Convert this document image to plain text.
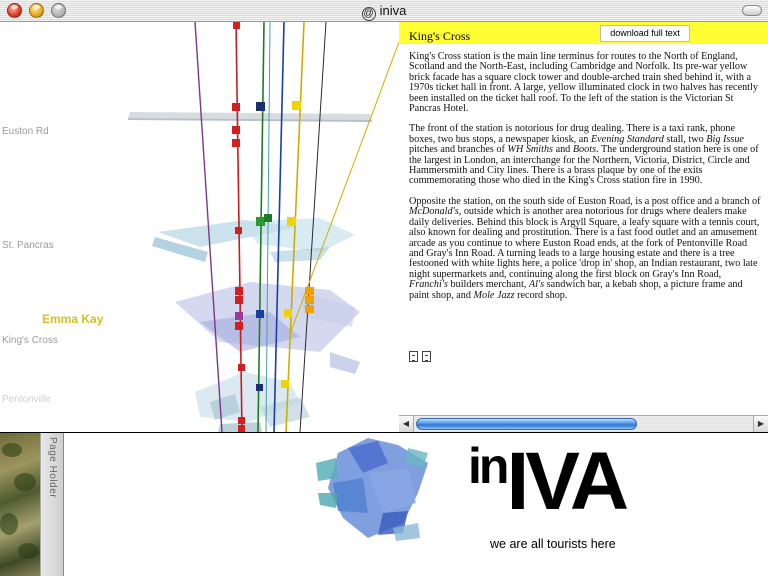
@ iniva
Euston Rd
St. Pancras
King's Cross
Pentonville
Emma Kay
King's Cross	download full text

King's Cross station is the main line terminus for routes to the North of England, Scotland and the North-East, including Cambridge and Norfolk. Its pre-war yellow brick facade has a square clock tower and double-arched train shed behind it, with a 1970s ticket hall in front. A large, yellow illuminated clock in two halves has recently been installed on the ticket hall roof. To the left of the station is the Victorian St Pancras Hotel.

The front of the station is notorious for drug dealing. There is a taxi rank, phone boxes, two bus stops, a newspaper kiosk, an Evening Standard stall, two Big Issue pitches and branches of WH Smiths and Boots. The underground station here is one of the largest in London, an interchange for the Northern, Victoria, District, Circle and Hammersmith and City lines. There is a brass plaque by one of the exits commemorating those who died in the King's Cross station fire in 1990.

Opposite the station, on the south side of Euston Road, is a post office and a branch of McDonald's, outside which is another area notorious for drugs where dealers make daily deliveries. Behind this block is Argyll Square, a leafy square with a tennis court, also known for dealing and prostitution. There is a fast food outlet and an amusement arcade as you continue to where Euston Road ends, at the fork of Pentonville Road and Gray's Inn Road. A turning leads to a large housing estate and there is a tree festooned with white lights here, a police 'drop in' shop, an Indian restaurant, two late night supermarkets and, continuing along the first block on Gray's Inn Road, Franchi's builders merchant, Al's sandwich bar, a kebab shop, a picture frame and paint shop, and Mole Jazz record shop.

◀	▶
Page Holder	inIVA
we are all tourists here
